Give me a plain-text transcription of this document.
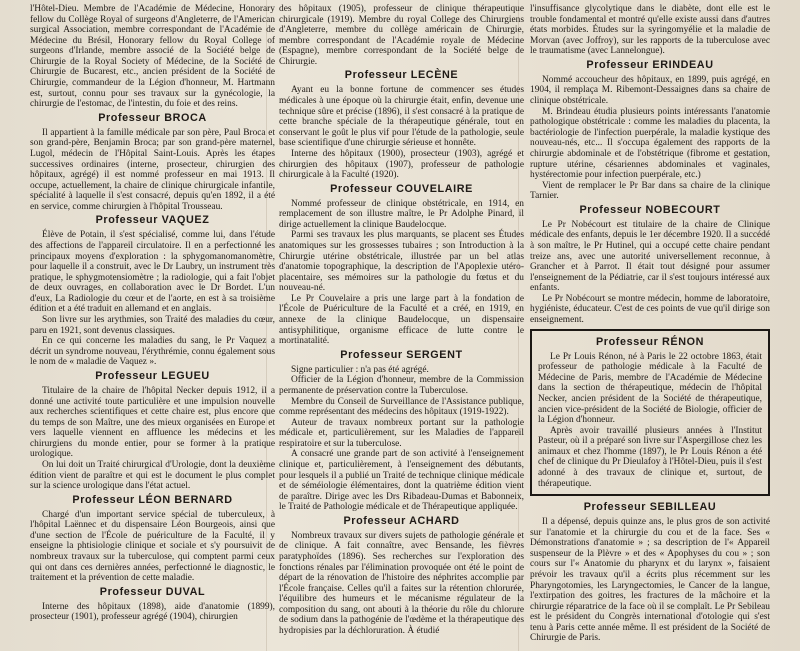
l'Hôtel-Dieu. Membre de l'Académie de Médecine, Honorary fellow du Collège Royal of surgeons d'Angleterre, de l'American surgical Association, membre correspondant de l'Académie de Médecine du Brésil, Honorary fellow du Royal College of surgeons d'Irlande, membre associé de la Société belge de Chirurgie de la Royal Society of Médecine, de la Société de Chirurgie de Bucarest, etc., ancien président de la Société de Chirurgie, commandeur de la Légion d'honneur, M. Hartmann est, surtout, connu pour ses travaux sur la gynécologie, la chirurgie de l'estomac, de l'intestin, du foie et des reins.

Professeur BROCA

Il appartient à la famille médicale par son père, Paul Broca et son grand-père, Benjamin Broca; par son grand-père maternel, Lugol, médecin de l'Hôpital Saint-Louis. Après les étapes successives ordinaires (interne, prosecteur, chirurgien des hôpitaux, agrégé) il est nommé professeur en mai 1913. Il occupe, actuellement, la chaire de clinique chirurgicale infantile, spécialité à laquelle il s'est consacré, depuis qu'en 1892, il a été en service, comme chirurgien à l'hôpital Trousseau.

Professeur VAQUEZ

Élève de Potain, il s'est spécialisé, comme lui, dans l'étude des affections de l'appareil circulatoire. Il en a perfectionné les principaux moyens d'exploration : la sphygomanomanomètre, pour laquelle il a construit, avec le Dr Laubry, un instrument très pratique, le sphygmotensiomètre ; la radiologie, qui a fait l'objet de deux ouvrages, en collaboration avec le Dr Bordet. L'un d'eux, La Radiologie du cœur et de l'aorte, en est à sa troisième édition et a été traduit en allemand et en anglais.

Son livre sur les arythmies, son Traité des maladies du cœur, paru en 1921, sont devenus classiques.

En ce qui concerne les maladies du sang, le Pr Vaquez a décrit un syndrome nouveau, l'érythrémie, connu également sous le nom de « maladie de Vaquez ».

Professeur LEGUEU

Titulaire de la chaire de l'hôpital Necker depuis 1912, il a donné une activité toute particulière et une impulsion nouvelle aux recherches scientifiques et cette chaire est, plus encore que du temps de son Maître, une des mieux organisées en Europe et vers laquelle viennent en affluence les médecins et les chirurgiens du monde entier, pour se former à la pratique urologique.

On lui doit un Traité chirurgical d'Urologie, dont la deuxième édition vient de paraître et qui est le document le plus complet sur la science urologique dans l'état actuel.

Professeur LÉON BERNARD

Chargé d'un important service spécial de tuberculeux, à l'hôpital Laënnec et du dispensaire Léon Bourgeois, ainsi que d'une section de l'École de puériculture de la Faculté, il y enseigne la phtisiologie clinique et sociale et s'y poursuivit de nombreux travaux sur la tuberculose, qui comptent parmi ceux qui ont dans ces dernières années, perfectionné le diagnostic, le traitement et la prévention de cette maladie.

Professeur DUVAL

Interne des hôpitaux (1898), aide d'anatomie (1899), prosecteur (1901), professeur agrégé (1904), chirurgien

des hôpitaux (1905), professeur de clinique thérapeutique chirurgicale (1919). Membre du royal College des Chirurgiens d'Angleterre, membre du collège américain de Chirurgie, membre correspondant de l'Académie royale de Médecine (Espagne), membre correspondant de la Société belge de Chirurgie.

Professeur LECÈNE

Ayant eu la bonne fortune de commencer ses études médicales à une époque où la chirurgie était, enfin, devenue une technique sûre et précise (1896), il s'est consacré à la pratique de cette branche spéciale de la thérapeutique générale, tout en conservant le goût le plus vif pour l'étude de la pathologie, seule base scientifique d'une chirurgie sérieuse et honnête.

Interne des hôpitaux (1900), prosecteur (1903), agrégé et chirurgien des hôpitaux (1907), professeur de pathologie chirurgicale à la Faculté (1920).

Professeur COUVELAIRE

Nommé professeur de clinique obstétricale, en 1914, en remplacement de son illustre maître, le Pr Adolphe Pinard, il dirige actuellement la clinique Baudelocque.

Parmi ses travaux les plus marquants, se placent ses Études anatomiques sur les grossesses tubaires ; son Introduction à la Chirurgie utérine obstétricale, illustrée par un bel atlas d'anatomie topographique, la description de l'Apoplexie utéro-placentaire, ses mémoires sur la pathologie du fœtus et du nouveau-né.

Le Pr Couvelaire a pris une large part à la fondation de l'École de Puériculture de la Faculté et a créé, en 1919, en annexe de la clinique Baudelocque, un dispensaire antisyphilitique, organisme efficace de lutte contre le mortinatalité.

Professeur SERGENT

Signe particulier : n'a pas été agrégé.

Officier de la Légion d'honneur, membre de la Commission permanente de préservation contre la Tuberculose.

Membre du Conseil de Surveillance de l'Assistance publique, comme représentant des médecins des hôpitaux (1919-1922).

Auteur de travaux nombreux portant sur la pathologie médicale et, particulièrement, sur les Maladies de l'appareil respiratoire et sur la tuberculose.

A consacré une grande part de son activité à l'enseignement clinique et, particulièrement, à l'enseignement des débutants, pour lesquels il a publié un Traité de technique clinique médicale et de séméiologie élémentaires, dont la quatrième édition vient de paraître. Dirige avec les Drs Ribadeau-Dumas et Babonneix, le Traité de Pathologie médicale et de Thérapeutique appliquée.

Professeur ACHARD

Nombreux travaux sur divers sujets de pathologie générale et de clinique. A fait connaître, avec Bensande, les fièvres paratyphoïdes (1896). Ses recherches sur l'exploration des fonctions rénales par l'élimination provoquée ont été le point de départ de la rénovation de l'histoire des néphrites accomplie par l'École française. Celles qu'il a faites sur la rétention chlorurée, l'équilibre des humeurs et le mécanisme régulateur de la composition du sang, ont abouti à la théorie du rôle du chlorure de sodium dans la pathogénie de l'œdème et la thérapeutique des hydropisies par la déchloruration. À étudié

l'insuffisance glycolytique dans le diabète, dont elle est le trouble fondamental et montré qu'elle existe aussi dans d'autres états morbides. Études sur la syringomyélie et la maladie de Morvan (avec Joffroy), sur les rapports de la tuberculose avec le traumatisme (avec Lannelongue).

Professeur ERINDEAU

Nommé accoucheur des hôpitaux, en 1899, puis agrégé, en 1904, il remplaça M. Ribemont-Dessaignes dans sa chaire de clinique obstétricale.

M. Brindeau étudia plusieurs points intéressants l'anatomie pathologique obstétricale : comme les maladies du placenta, la bactériologie de l'infection puerpérale, la maladie kystique des nouveau-nés, etc... Il s'occupa également des rapports de la chirurgie abdominale et de l'obstétrique (fibrome et gestation, rupture utérine, césariennes abdominales et vaginales, hystérectomie pour infection puerpérale, etc.)

Vient de remplacer le Pr Bar dans sa chaire de la clinique Tarnier.

Professeur NOBECOURT

Le Pr Nobécourt est titulaire de la chaire de Clinique médicale des enfants, depuis le 1er décembre 1920. Il a succédé à son maître, le Pr Hutinel, qui a occupé cette chaire pendant treize ans, avec une autorité universellement reconnue, à Grancher et à Parrot. Il était tout désigné pour assumer l'enseignement de la Pédiatrie, car il s'est toujours intéressé aux enfants.

Le Pr Nobécourt se montre médecin, homme de laboratoire, hygiéniste, éducateur. C'est de ces points de vue qu'il dirige son enseignement.

Professeur RÉNON

Le Pr Louis Rénon, né à Paris le 22 octobre 1863, était professeur de pathologie médicale à la Faculté de Médecine de Paris, membre de l'Académie de Médecine dans la section de thérapeutique, médecin de l'hôpital Necker, ancien président de la Société de thérapeutique, ancien vice-président de la Société de Biologie, officier de la Légion d'honneur.

Après avoir travaillé plusieurs années à l'Institut Pasteur, où il a préparé son livre sur l'Aspergillose chez les animaux et chez l'homme (1897), le Pr Louis Rénon a été chef de clinique du Pr Dieulafoy à l'Hôtel-Dieu, puis il s'est adonné à des travaux de clinique et, surtout, de thérapeutique.

Professeur SEBILLEAU

Il a dépensé, depuis quinze ans, le plus gros de son activité sur l'anatomie et la chirurgie du cou et de la face. Ses « Démonstrations d'anatomie » ; sa description de l'« Appareil suspenseur de la Plèvre » et des « Apophyses du cou » ; son cours sur l'« Anatomie du pharynx et du larynx », faisaient prévoir les travaux qu'il a écrits plus récemment sur les Pharyngotomies, les Laryngectomies, le Cancer de la langue, l'extirpation des goitres, les fractures de la mâchoire et la chirurgie réparatrice de la face où il se complaît. Le Pr Sebileau est le président du Congrès international d'otologie qui s'est tenu à Paris cette année même. Il est président de la Société de Chirurgie de Paris.
